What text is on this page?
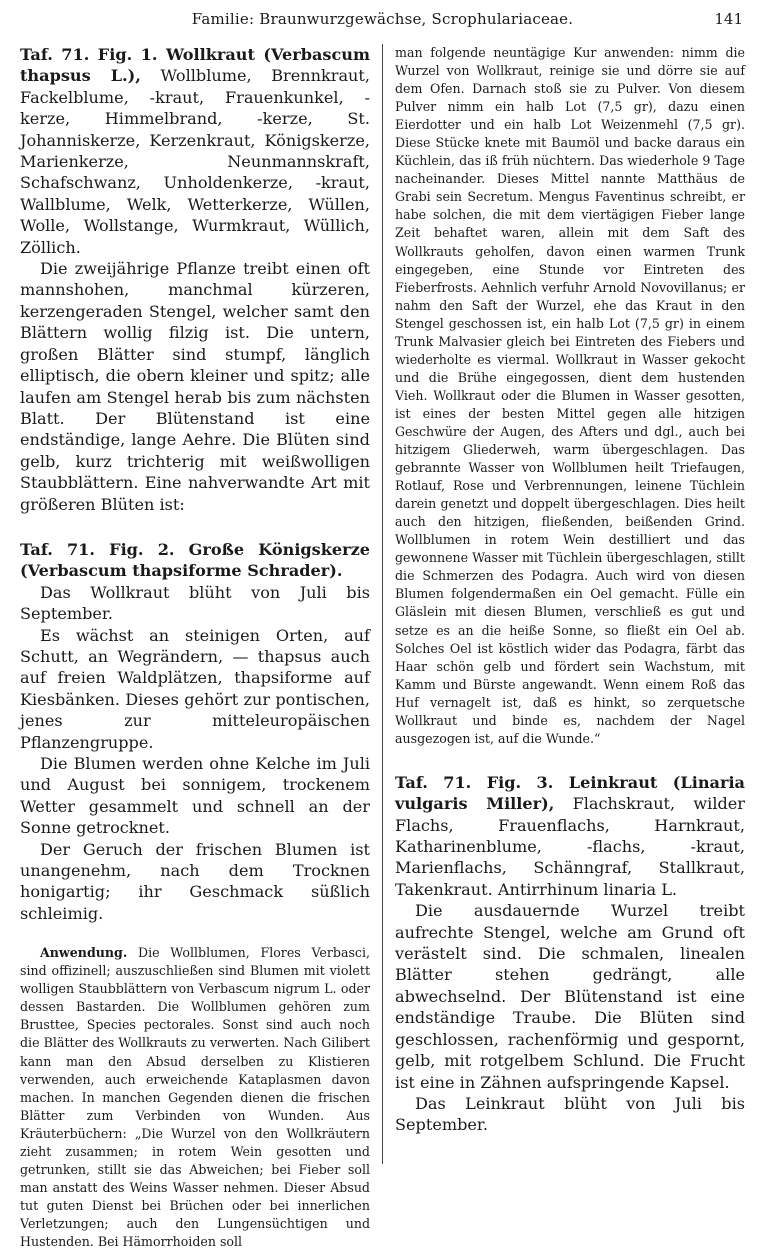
Familie: Braunwurzgewächse, Scrophulariaceae.	141

Taf. 71. Fig. 1. Wollkraut (Verbascum thapsus L.), Wollblume, Brennkraut, Fackelblume, -kraut, Frauenkunkel, -kerze, Himmelbrand, -kerze, St. Johanniskerze, Kerzenkraut, Königskerze, Marienkerze, Neunmannskraft, Schafschwanz, Unholdenkerze, -kraut, Wallblume, Welk, Wetterkerze, Wüllen, Wolle, Wollstange, Wurmkraut, Wüllich, Zöllich.

Die zweijährige Pflanze treibt einen oft mannshohen, manchmal kürzeren, kerzengeraden Stengel, welcher samt den Blättern wollig filzig ist. Die untern, großen Blätter sind stumpf, länglich elliptisch, die obern kleiner und spitz; alle laufen am Stengel herab bis zum nächsten Blatt. Der Blütenstand ist eine endständige, lange Aehre. Die Blüten sind gelb, kurz trichterig mit weißwolligen Staubblättern. Eine nahverwandte Art mit größeren Blüten ist:

Taf. 71. Fig. 2. Große Königskerze (Verbascum thapsiforme Schrader).

Das Wollkraut blüht von Juli bis September.

Es wächst an steinigen Orten, auf Schutt, an Wegrändern, — thapsus auch auf freien Waldplätzen, thapsiforme auf Kiesbänken. Dieses gehört zur pontischen, jenes zur mitteleuropäischen Pflanzengruppe.

Die Blumen werden ohne Kelche im Juli und August bei sonnigem, trockenem Wetter gesammelt und schnell an der Sonne getrocknet.

Der Geruch der frischen Blumen ist unangenehm, nach dem Trocknen honigartig; ihr Geschmack süßlich schleimig.

Anwendung. Die Wollblumen, Flores Verbasci, sind offizinell; auszuschließen sind Blumen mit violett wolligen Staubblättern von Verbascum nigrum L. oder dessen Bastarden. Die Wollblumen gehören zum Brusttee, Species pectorales. Sonst sind auch noch die Blätter des Wollkrauts zu verwerten. Nach Gilibert kann man den Absud derselben zu Klistieren verwenden, auch erweichende Kataplasmen davon machen. In manchen Gegenden dienen die frischen Blätter zum Verbinden von Wunden. Aus Kräuterbüchern: „Die Wurzel von den Wollkräutern zieht zusammen; in rotem Wein gesotten und getrunken, stillt sie das Abweichen; bei Fieber soll man anstatt des Weins Wasser nehmen. Dieser Absud tut guten Dienst bei Brüchen oder bei innerlichen Verletzungen; auch den Lungensüchtigen und Hustenden. Bei Hämorrhoiden soll

man folgende neuntägige Kur anwenden: nimm die Wurzel von Wollkraut, reinige sie und dörre sie auf dem Ofen. Darnach stoß sie zu Pulver. Von diesem Pulver nimm ein halb Lot (7,5 gr), dazu einen Eierdotter und ein halb Lot Weizenmehl (7,5 gr). Diese Stücke knete mit Baumöl und backe daraus ein Küchlein, das iß früh nüchtern. Das wiederhole 9 Tage nacheinander. Dieses Mittel nannte Matthäus de Grabi sein Secretum. Mengus Faventinus schreibt, er habe solchen, die mit dem viertägigen Fieber lange Zeit behaftet waren, allein mit dem Saft des Wollkrauts geholfen, davon einen warmen Trunk eingegeben, eine Stunde vor Eintreten des Fieberfrosts. Aehnlich verfuhr Arnold Novovillanus; er nahm den Saft der Wurzel, ehe das Kraut in den Stengel geschossen ist, ein halb Lot (7,5 gr) in einem Trunk Malvasier gleich bei Eintreten des Fiebers und wiederholte es viermal. Wollkraut in Wasser gekocht und die Brühe eingegossen, dient dem hustenden Vieh. Wollkraut oder die Blumen in Wasser gesotten, ist eines der besten Mittel gegen alle hitzigen Geschwüre der Augen, des Afters und dgl., auch bei hitzigem Gliederweh, warm übergeschlagen. Das gebrannte Wasser von Wollblumen heilt Triefaugen, Rotlauf, Rose und Verbrennungen, leinene Tüchlein darein genetzt und doppelt übergeschlagen. Dies heilt auch den hitzigen, fließenden, beißenden Grind. Wollblumen in rotem Wein destilliert und das gewonnene Wasser mit Tüchlein übergeschlagen, stillt die Schmerzen des Podagra. Auch wird von diesen Blumen folgendermaßen ein Oel gemacht. Fülle ein Gläslein mit diesen Blumen, verschließ es gut und setze es an die heiße Sonne, so fließt ein Oel ab. Solches Oel ist köstlich wider das Podagra, färbt das Haar schön gelb und fördert sein Wachstum, mit Kamm und Bürste angewandt. Wenn einem Roß das Huf vernagelt ist, daß es hinkt, so zerquetsche Wollkraut und binde es, nachdem der Nagel ausgezogen ist, auf die Wunde.“

Taf. 71. Fig. 3. Leinkraut (Linaria vulgaris Miller), Flachskraut, wilder Flachs, Frauenflachs, Harnkraut, Katharinenblume, -flachs, -kraut, Marienflachs, Schänngraf, Stallkraut, Takenkraut. Antirrhinum linaria L.

Die ausdauernde Wurzel treibt aufrechte Stengel, welche am Grund oft verästelt sind. Die schmalen, linealen Blätter stehen gedrängt, alle abwechselnd. Der Blütenstand ist eine endständige Traube. Die Blüten sind geschlossen, rachenförmig und gespornt, gelb, mit rotgelbem Schlund. Die Frucht ist eine in Zähnen aufspringende Kapsel.

Das Leinkraut blüht von Juli bis September.
